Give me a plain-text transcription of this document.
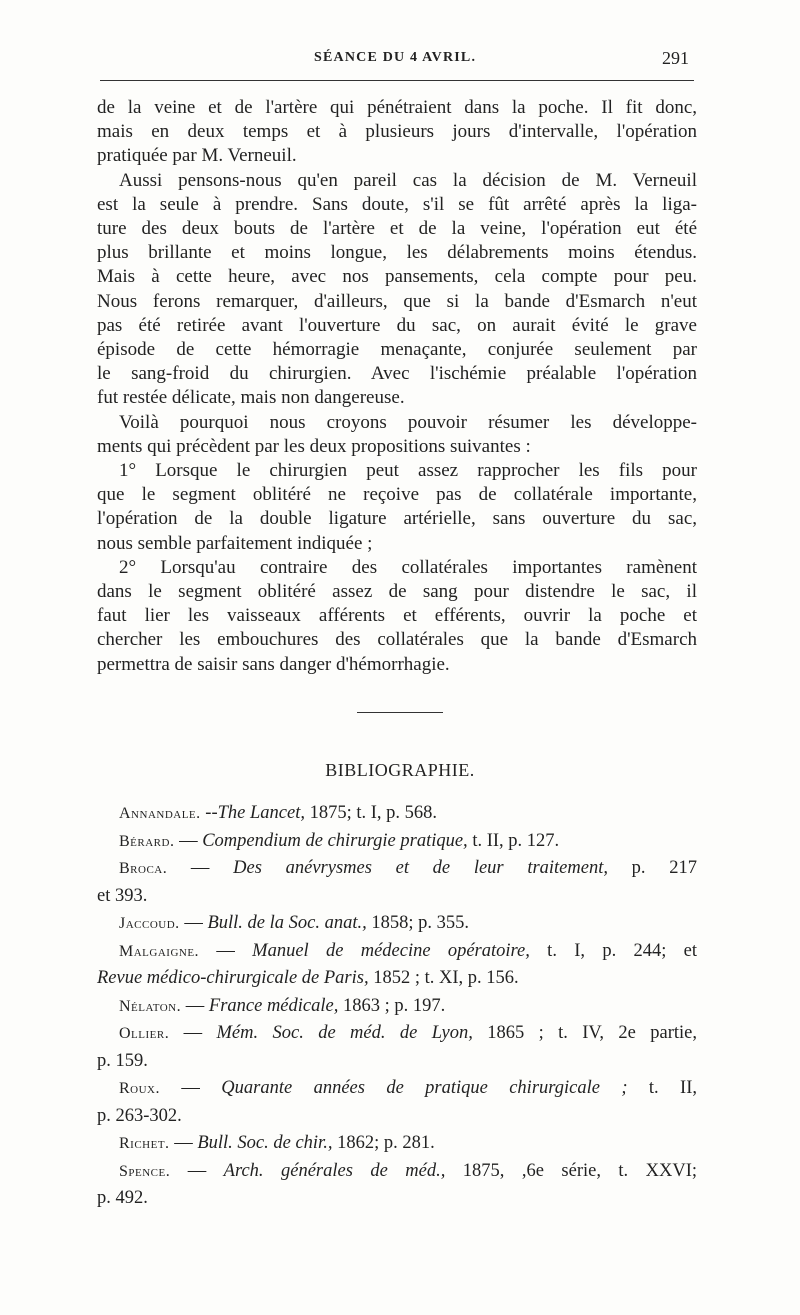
SÉANCE DU 4 AVRIL.	291

de la veine et de l'artère qui pénétraient dans la poche. Il fit donc,
mais en deux temps et à plusieurs jours d'intervalle, l'opération
pratiquée par M. Verneuil.

Aussi pensons-nous qu'en pareil cas la décision de M. Verneuil
est la seule à prendre. Sans doute, s'il se fût arrêté après la liga-
ture des deux bouts de l'artère et de la veine, l'opération eut été
plus brillante et moins longue, les délabrements moins étendus.
Mais à cette heure, avec nos pansements, cela compte pour peu.
Nous ferons remarquer, d'ailleurs, que si la bande d'Esmarch n'eut
pas été retirée avant l'ouverture du sac, on aurait évité le grave
épisode de cette hémorragie menaçante, conjurée seulement par
le sang-froid du chirurgien. Avec l'ischémie préalable l'opération
fut restée délicate, mais non dangereuse.

Voilà pourquoi nous croyons pouvoir résumer les développe-
ments qui précèdent par les deux propositions suivantes :

1° Lorsque le chirurgien peut assez rapprocher les fils pour
que le segment oblitéré ne reçoive pas de collatérale importante,
l'opération de la double ligature artérielle, sans ouverture du sac,
nous semble parfaitement indiquée ;

2° Lorsqu'au contraire des collatérales importantes ramènent
dans le segment oblitéré assez de sang pour distendre le sac, il
faut lier les vaisseaux afférents et efférents, ouvrir la poche et
chercher les embouchures des collatérales que la bande d'Esmarch
permettra de saisir sans danger d'hémorrhagie.

BIBLIOGRAPHIE.
Annandale. --The Lancet, 1875; t. I, p. 568.
Bérard. — Compendium de chirurgie pratique, t. II, p. 127.
Broca. — Des anévrysmes et de leur traitement, p. 217
et 393.
Jaccoud. — Bull. de la Soc. anat., 1858; p. 355.
Malgaigne. — Manuel de médecine opératoire, t. I, p. 244; et
Revue médico-chirurgicale de Paris, 1852 ; t. XI, p. 156.
Nélaton. — France médicale, 1863 ; p. 197.
Ollier. — Mém. Soc. de méd. de Lyon, 1865 ; t. IV, 2e partie,
p. 159.
Roux. — Quarante années de pratique chirurgicale ; t. II,
p. 263-302.
Richet. — Bull. Soc. de chir., 1862; p. 281.
Spence. — Arch. générales de méd., 1875, ,6e série, t. XXVI;
p. 492.
